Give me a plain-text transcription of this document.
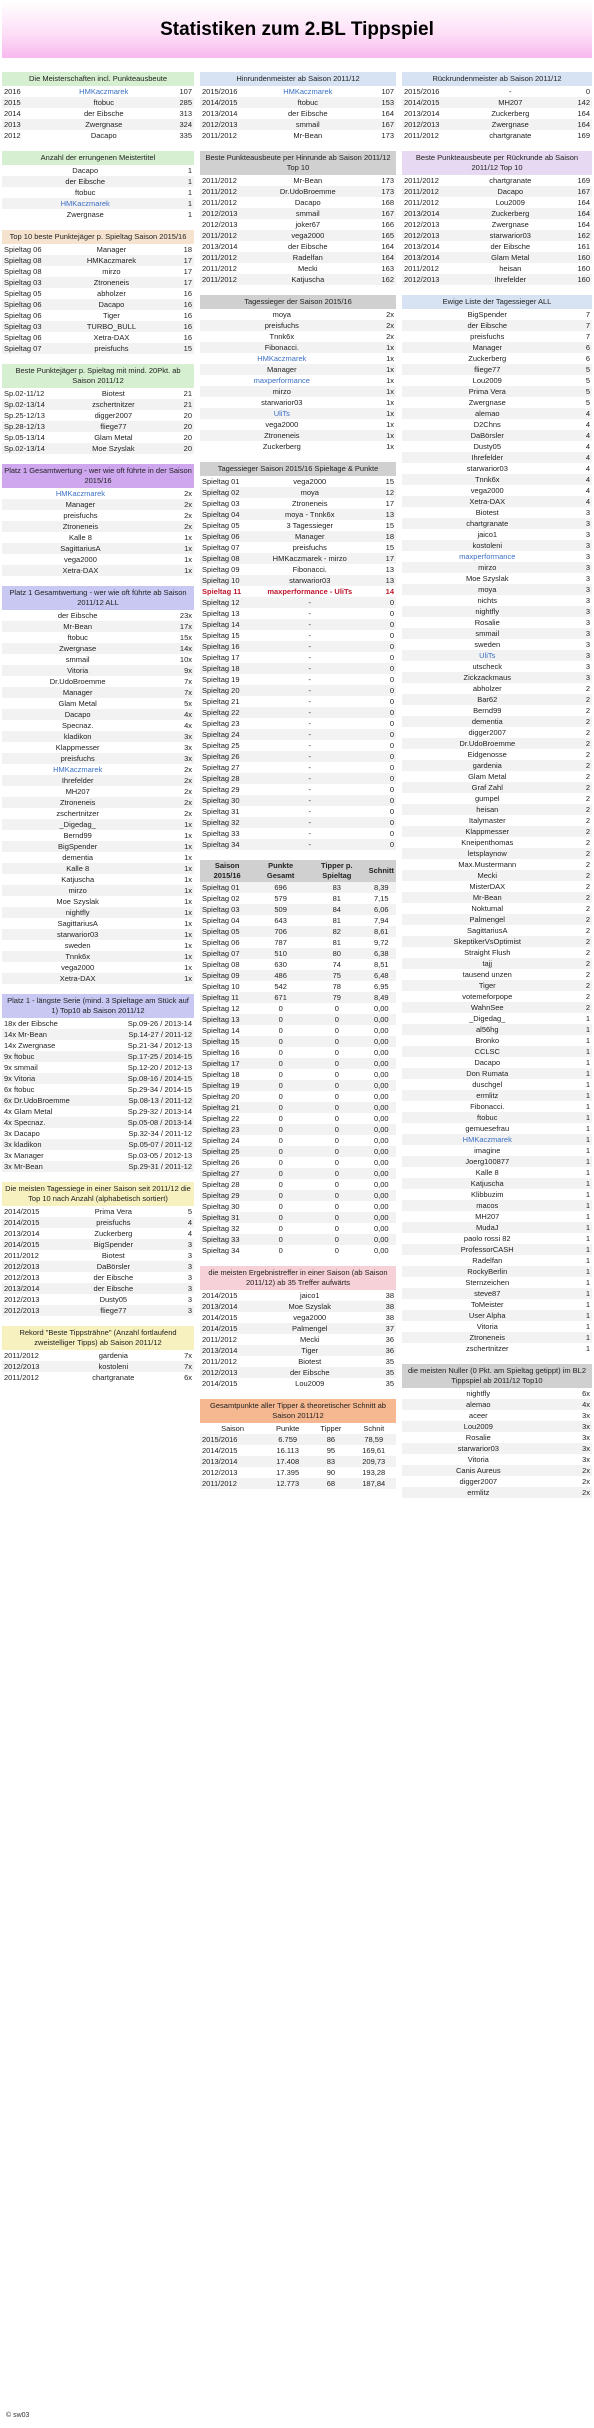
Statistiken zum 2.BL Tippspiel
Die Meisterschaften incl. Punkteausbeute
2016	HMKaczmarek	107
2015	ftobuc	285
2014	der Eibsche	313
2013	Zwergnase	324
2012	Dacapo	335
Anzahl der errungenen Meistertitel
Dacapo	1
der Eibsche	1
ftobuc	1
HMKaczmarek	1
Zwergnase	1
Top 10 beste Punkteјäger p. Spieltag Saison 2015/16
Spieltag 06	Manager	18
Spieltag 08	HMKaczmarek	17
Spieltag 08	mirzo	17
Spieltag 03	Ztroneneis	17
Spieltag 05	abholzer	16
Spieltag 06	Dacapo	16
Spieltag 06	Tiger	16
Spieltag 03	TURBO_BULL	16
Spieltag 06	Xetra-DAX	16
Spieltag 07	preisfuchs	15
Beste Punktejäger p. Spieltag mit mind. 20Pkt. ab Saison 2011/12
Sp.02-11/12	Biotest	21
Sp.02-13/14	zschertnitzer	21
Sp.25-12/13	digger2007	20
Sp.28-12/13	fliege77	20
Sp.05-13/14	Glam Metal	20
Sp.02-13/14	Moe Szyslak	20
Platz 1 Gesamtwertung - wer wie oft führte in der Saison 2015/16
HMKaczmarek	2x
Manager	2x
preisfuchs	2x
Ztroneneis	2x
Kalle 8	1x
SagittariusA	1x
vega2000	1x
Xetra-DAX	1x
Platz 1 Gesamtwertung - wer wie oft führte ab Saison 2011/12 ALL
der Eibsche	23x
Mr-Bean	17x
ftobuc	15x
Zwergnase	14x
smmail	10x
Vitoria	9x
Dr.UdoBroemme	7x
Manager	7x
Glam Metal	5x
Dacapo	4x
Specnaz.	4x
kladikon	3x
Klappmesser	3x
preisfuchs	3x
HMKaczmarek	2x
Ihrefelder	2x
MH207	2x
Ztroneneis	2x
zschertnitzer	2x
_Digedag_	1x
Bernd99	1x
BigSpender	1x
dementia	1x
Kalle 8	1x
Katjuscha	1x
mirzo	1x
Moe Szyslak	1x
nightfly	1x
SagittariusA	1x
starwarior03	1x
sweden	1x
Tnnk6x	1x
vega2000	1x
Xetra-DAX	1x
Platz 1 - längste Serie (mind. 3 Spieltage am Stück auf 1) Top10 ab Saison 2011/12
18x der Eibsche	Sp.09-26 / 2013-14
14x Mr-Bean	Sp.14-27 / 2011-12
14x Zwergnase	Sp.21-34 / 2012-13
9x ftobuc	Sp.17-25 / 2014-15
9x smmail	Sp.12-20 / 2012-13
9x Vitoria	Sp.08-16 / 2014-15
6x ftobuc	Sp.29-34 / 2014-15
6x Dr.UdoBroemme	Sp.08-13 / 2011-12
4x Glam Metal	Sp.29-32 / 2013-14
4x Specnaz.	Sp.05-08 / 2013-14
3x Dacapo	Sp.32-34 / 2011-12
3x kladikon	Sp.05-07 / 2011-12
3x Manager	Sp.03-05 / 2012-13
3x Mr-Bean	Sp.29-31 / 2011-12
Die meisten Tagessiege in einer Saison seit 2011/12 die Top 10 nach Anzahl (alphabetisch sortiert)
2014/2015	Prima Vera	5
2014/2015	preisfuchs	4
2013/2014	Zuckerberg	4
2014/2015	BigSpender	3
2011/2012	Biotest	3
2012/2013	DaBörsler	3
2012/2013	der Eibsche	3
2013/2014	der Eibsche	3
2012/2013	Dusty05	3
2012/2013	fliege77	3
Rekord "Beste Tippsträhne" (Anzahl fortlaufend zweistelliger Tipps) ab Saison 2011/12
2011/2012	gardenia	7x
2012/2013	kostoleni	7x
2011/2012	chartgranate	6x
Hinrundenmeister ab Saison 2011/12
2015/2016	HMKaczmarek	107
2014/2015	ftobuc	153
2013/2014	der Eibsche	164
2012/2013	smmail	167
2011/2012	Mr-Bean	173
Beste Punkteausbeute per Hinrunde ab Saison 2011/12 Top 10
2011/2012	Mr-Bean	173
2011/2012	Dr.UdoBroemme	173
2011/2012	Dacapo	168
2012/2013	smmail	167
2012/2013	joker67	166
2011/2012	vega2000	165
2013/2014	der Eibsche	164
2011/2012	Radelfan	164
2011/2012	Mecki	163
2011/2012	Katjuscha	162
Tagessieger der Saison 2015/16
moya	2x
preisfuchs	2x
Tnnk6x	2x
Fibonacci.	1x
HMKaczmarek	1x
Manager	1x
maxperformance	1x
mirzo	1x
starwarior03	1x
UliTs	1x
vega2000	1x
Ztroneneis	1x
Zuckerberg	1x
Tagessieger Saison 2015/16 Spieltage & Punkte
Spieltag 01	vega2000	15
Spieltag 02	moya	12
Spieltag 03	Ztroneneis	17
Spieltag 04	moya - Tnnk6x	13
Spieltag 05	3 Tagessieger	15
Spieltag 06	Manager	18
Spieltag 07	preisfuchs	15
Spieltag 08	HMKaczmarek - mirzo	17
Spieltag 09	Fibonacci.	13
Spieltag 10	starwarior03	13
Spieltag 11	maxperformance - UliTs	14
Spieltag 12	-	0
Spieltag 13	-	0
Spieltag 14	-	0
Spieltag 15	-	0
Spieltag 16	-	0
Spieltag 17	-	0
Spieltag 18	-	0
Spieltag 19	-	0
Spieltag 20	-	0
Spieltag 21	-	0
Spieltag 22	-	0
Spieltag 23	-	0
Spieltag 24	-	0
Spieltag 25	-	0
Spieltag 26	-	0
Spieltag 27	-	0
Spieltag 28	-	0
Spieltag 29	-	0
Spieltag 30	-	0
Spieltag 31	-	0
Spieltag 32	-	0
Spieltag 33	-	0
Spieltag 34	-	0
Saison 2015/16	Punkte Gesamt	Tipper p. Spieltag	Schnitt
Spieltag 01	696	83	8,39
Spieltag 02	579	81	7,15
Spieltag 03	509	84	6,06
Spieltag 04	643	81	7,94
Spieltag 05	706	82	8,61
Spieltag 06	787	81	9,72
Spieltag 07	510	80	6,38
Spieltag 08	630	74	8,51
Spieltag 09	486	75	6,48
Spieltag 10	542	78	6,95
Spieltag 11	671	79	8,49
Spieltag 12	0	0	0,00
Spieltag 13	0	0	0,00
Spieltag 14	0	0	0,00
Spieltag 15	0	0	0,00
Spieltag 16	0	0	0,00
Spieltag 17	0	0	0,00
Spieltag 18	0	0	0,00
Spieltag 19	0	0	0,00
Spieltag 20	0	0	0,00
Spieltag 21	0	0	0,00
Spieltag 22	0	0	0,00
Spieltag 23	0	0	0,00
Spieltag 24	0	0	0,00
Spieltag 25	0	0	0,00
Spieltag 26	0	0	0,00
Spieltag 27	0	0	0,00
Spieltag 28	0	0	0,00
Spieltag 29	0	0	0,00
Spieltag 30	0	0	0,00
Spieltag 31	0	0	0,00
Spieltag 32	0	0	0,00
Spieltag 33	0	0	0,00
Spieltag 34	0	0	0,00
die meisten Ergebnistreffer in einer Saison (ab Saison 2011/12) ab 35 Treffer aufwärts
2014/2015	jaico1	38
2013/2014	Moe Szyslak	38
2014/2015	vega2000	38
2014/2015	Palmengel	37
2011/2012	Mecki	36
2013/2014	Tiger	36
2011/2012	Biotest	35
2012/2013	der Eibsche	35
2014/2015	Lou2009	35
Gesamtpunkte aller Tipper & theoretischer Schnitt ab Saison 2011/12
Saison	Punkte	Tipper	Schnit
2015/2016	6.759	86	78,59
2014/2015	16.113	95	169,61
2013/2014	17.408	83	209,73
2012/2013	17.395	90	193,28
2011/2012	12.773	68	187,84
Rückrundenmeister ab Saison 2011/12
2015/2016	-	0
2014/2015	MH207	142
2013/2014	Zuckerberg	164
2012/2013	Zwergnase	164
2011/2012	chartgranate	169
Beste Punkteausbeute per Rückrunde ab Saison 2011/12 Top 10
2011/2012	chartgranate	169
2011/2012	Dacapo	167
2011/2012	Lou2009	164
2013/2014	Zuckerberg	164
2012/2013	Zwergnase	164
2012/2013	starwarior03	162
2013/2014	der Eibsche	161
2013/2014	Glam Metal	160
2011/2012	heisan	160
2012/2013	Ihrefelder	160
Ewige Liste der Tagessieger ALL
BigSpender	7
der Eibsche	7
preisfuchs	7
Manager	6
Zuckerberg	6
fliege77	5
Lou2009	5
Prima Vera	5
Zwergnase	5
alemao	4
D2Chns	4
DaBörsler	4
Dusty05	4
Ihrefelder	4
starwarior03	4
Tnnk6x	4
vega2000	4
Xetra-DAX	4
Biotest	3
chartgranate	3
jaico1	3
kostoleni	3
maxperformance	3
mirzo	3
Moe Szyslak	3
moya	3
nichts	3
nightfly	3
Rosalie	3
smmail	3
sweden	3
UliTs	3
utscheck	3
Zickzackmaus	3
abholzer	2
Bar62	2
Bernd99	2
dementia	2
digger2007	2
Dr.UdoBroemme	2
Eidgenosse	2
gardenia	2
Glam Metal	2
Graf Zahl	2
gumpel	2
heisan	2
Italymaster	2
Klappmesser	2
Kneipenthomas	2
letsplaynow	2
Max.Mustermann	2
Mecki	2
MisterDAX	2
Mr-Bean	2
Noktumal	2
Palmengel	2
SagittariusA	2
SkeptikerVsOptimist	2
Straight Flush	2
tajj	2
tausend unzen	2
Tiger	2
votemeforpope	2
WahnSee	2
_Digedag_	1
al56hg	1
Bronko	1
CCLSC	1
Dacapo	1
Don Rumata	1
duschgel	1
ermlitz	1
Fibonacci.	1
ftobuc	1
gemuesefrau	1
HMKaczmarek	1
imagine	1
Joerg100877	1
Kalle 8	1
Katjuscha	1
Klibbuzim	1
macos	1
MH207	1
MudaJ	1
paolo rossi 82	1
ProfessorCASH	1
Radelfan	1
RockyBerlin	1
Sternzeichen	1
steve87	1
ToMeister	1
User Alpha	1
Vitoria	1
Ztroneneis	1
zschertnitzer	1
die meisten Nuller (0 Pkt. am Spieltag getippt) im BL2 Tippspiel ab 2011/12 Top10
nightfly	6x
alemao	4x
aceer	3x
Lou2009	3x
Rosalie	3x
starwarior03	3x
Vitoria	3x
Canis Aureus	2x
digger2007	2x
ermlitz	2x
© sw03
